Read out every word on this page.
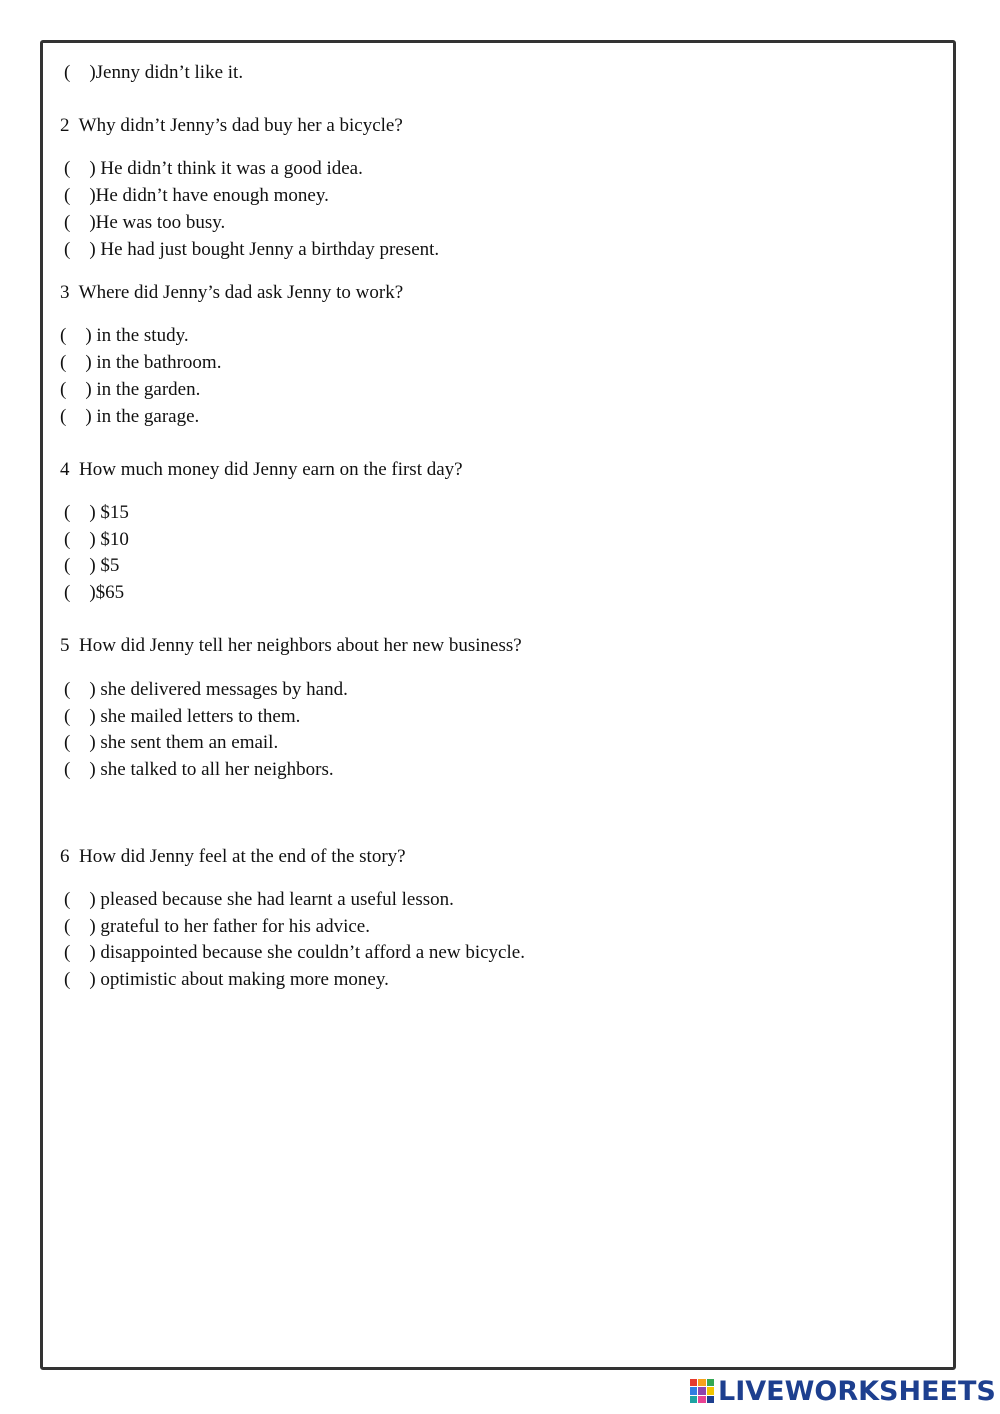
(    )Jenny didn’t like it.
2  Why didn’t Jenny’s dad buy her a bicycle?
(    ) He didn’t think it was a good idea.
(    )He didn’t have enough money.
(    )He was too busy.
(    ) He had just bought Jenny a birthday present.
3  Where did Jenny’s dad ask Jenny to work?
(    ) in the study.
(    ) in the bathroom.
(    ) in the garden.
(    ) in the garage.
4  How much money did Jenny earn on the first day?
(    ) $15
(    ) $10
(    ) $5
(    )$65
5  How did Jenny tell her neighbors about her new business?
(    ) she delivered messages by hand.
(    ) she mailed letters to them.
(    ) she sent them an email.
(    ) she talked to all her neighbors.
6  How did Jenny feel at the end of the story?
(    ) pleased because she had learnt a useful lesson.
(    ) grateful to her father for his advice.
(    ) disappointed because she couldn’t afford a new bicycle.
(    ) optimistic about making more money.
LIVEWORKSHEETS
